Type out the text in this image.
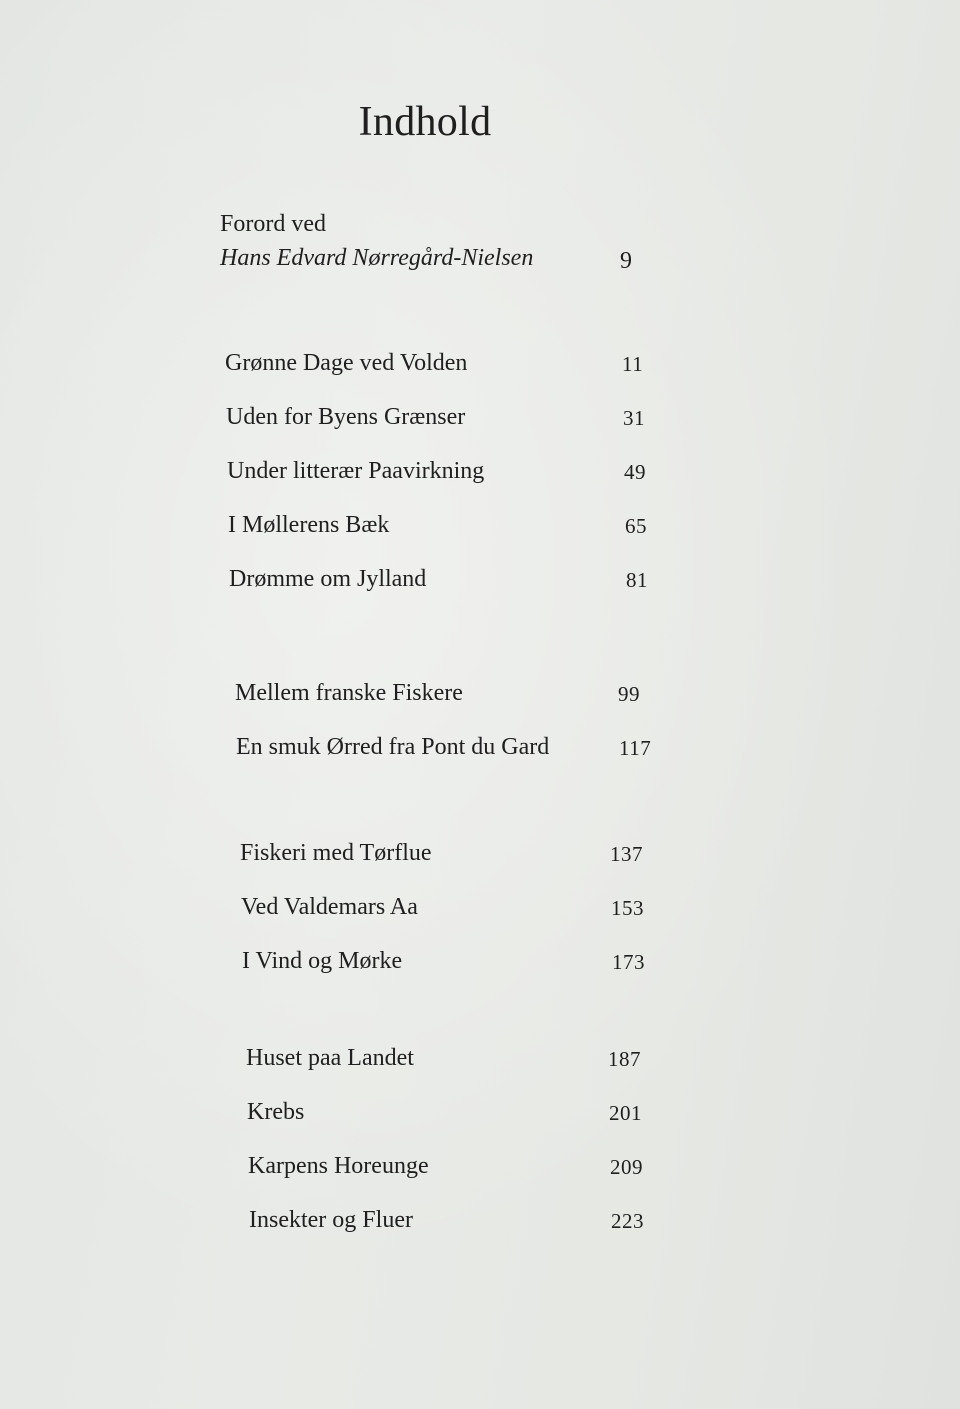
Indhold
Forord ved
Hans Edvard Nørregård-Nielsen	9
Grønne Dage ved Volden	11
Uden for Byens Grænser	31
Under litterær Paavirkning	49
I Møllerens Bæk	65
Drømme om Jylland	81
Mellem franske Fiskere	99
En smuk Ørred fra Pont du Gard	117
Fiskeri med Tørflue	137
Ved Valdemars Aa	153
I Vind og Mørke	173
Huset paa Landet	187
Krebs	201
Karpens Horeunge	209
Insekter og Fluer	223
